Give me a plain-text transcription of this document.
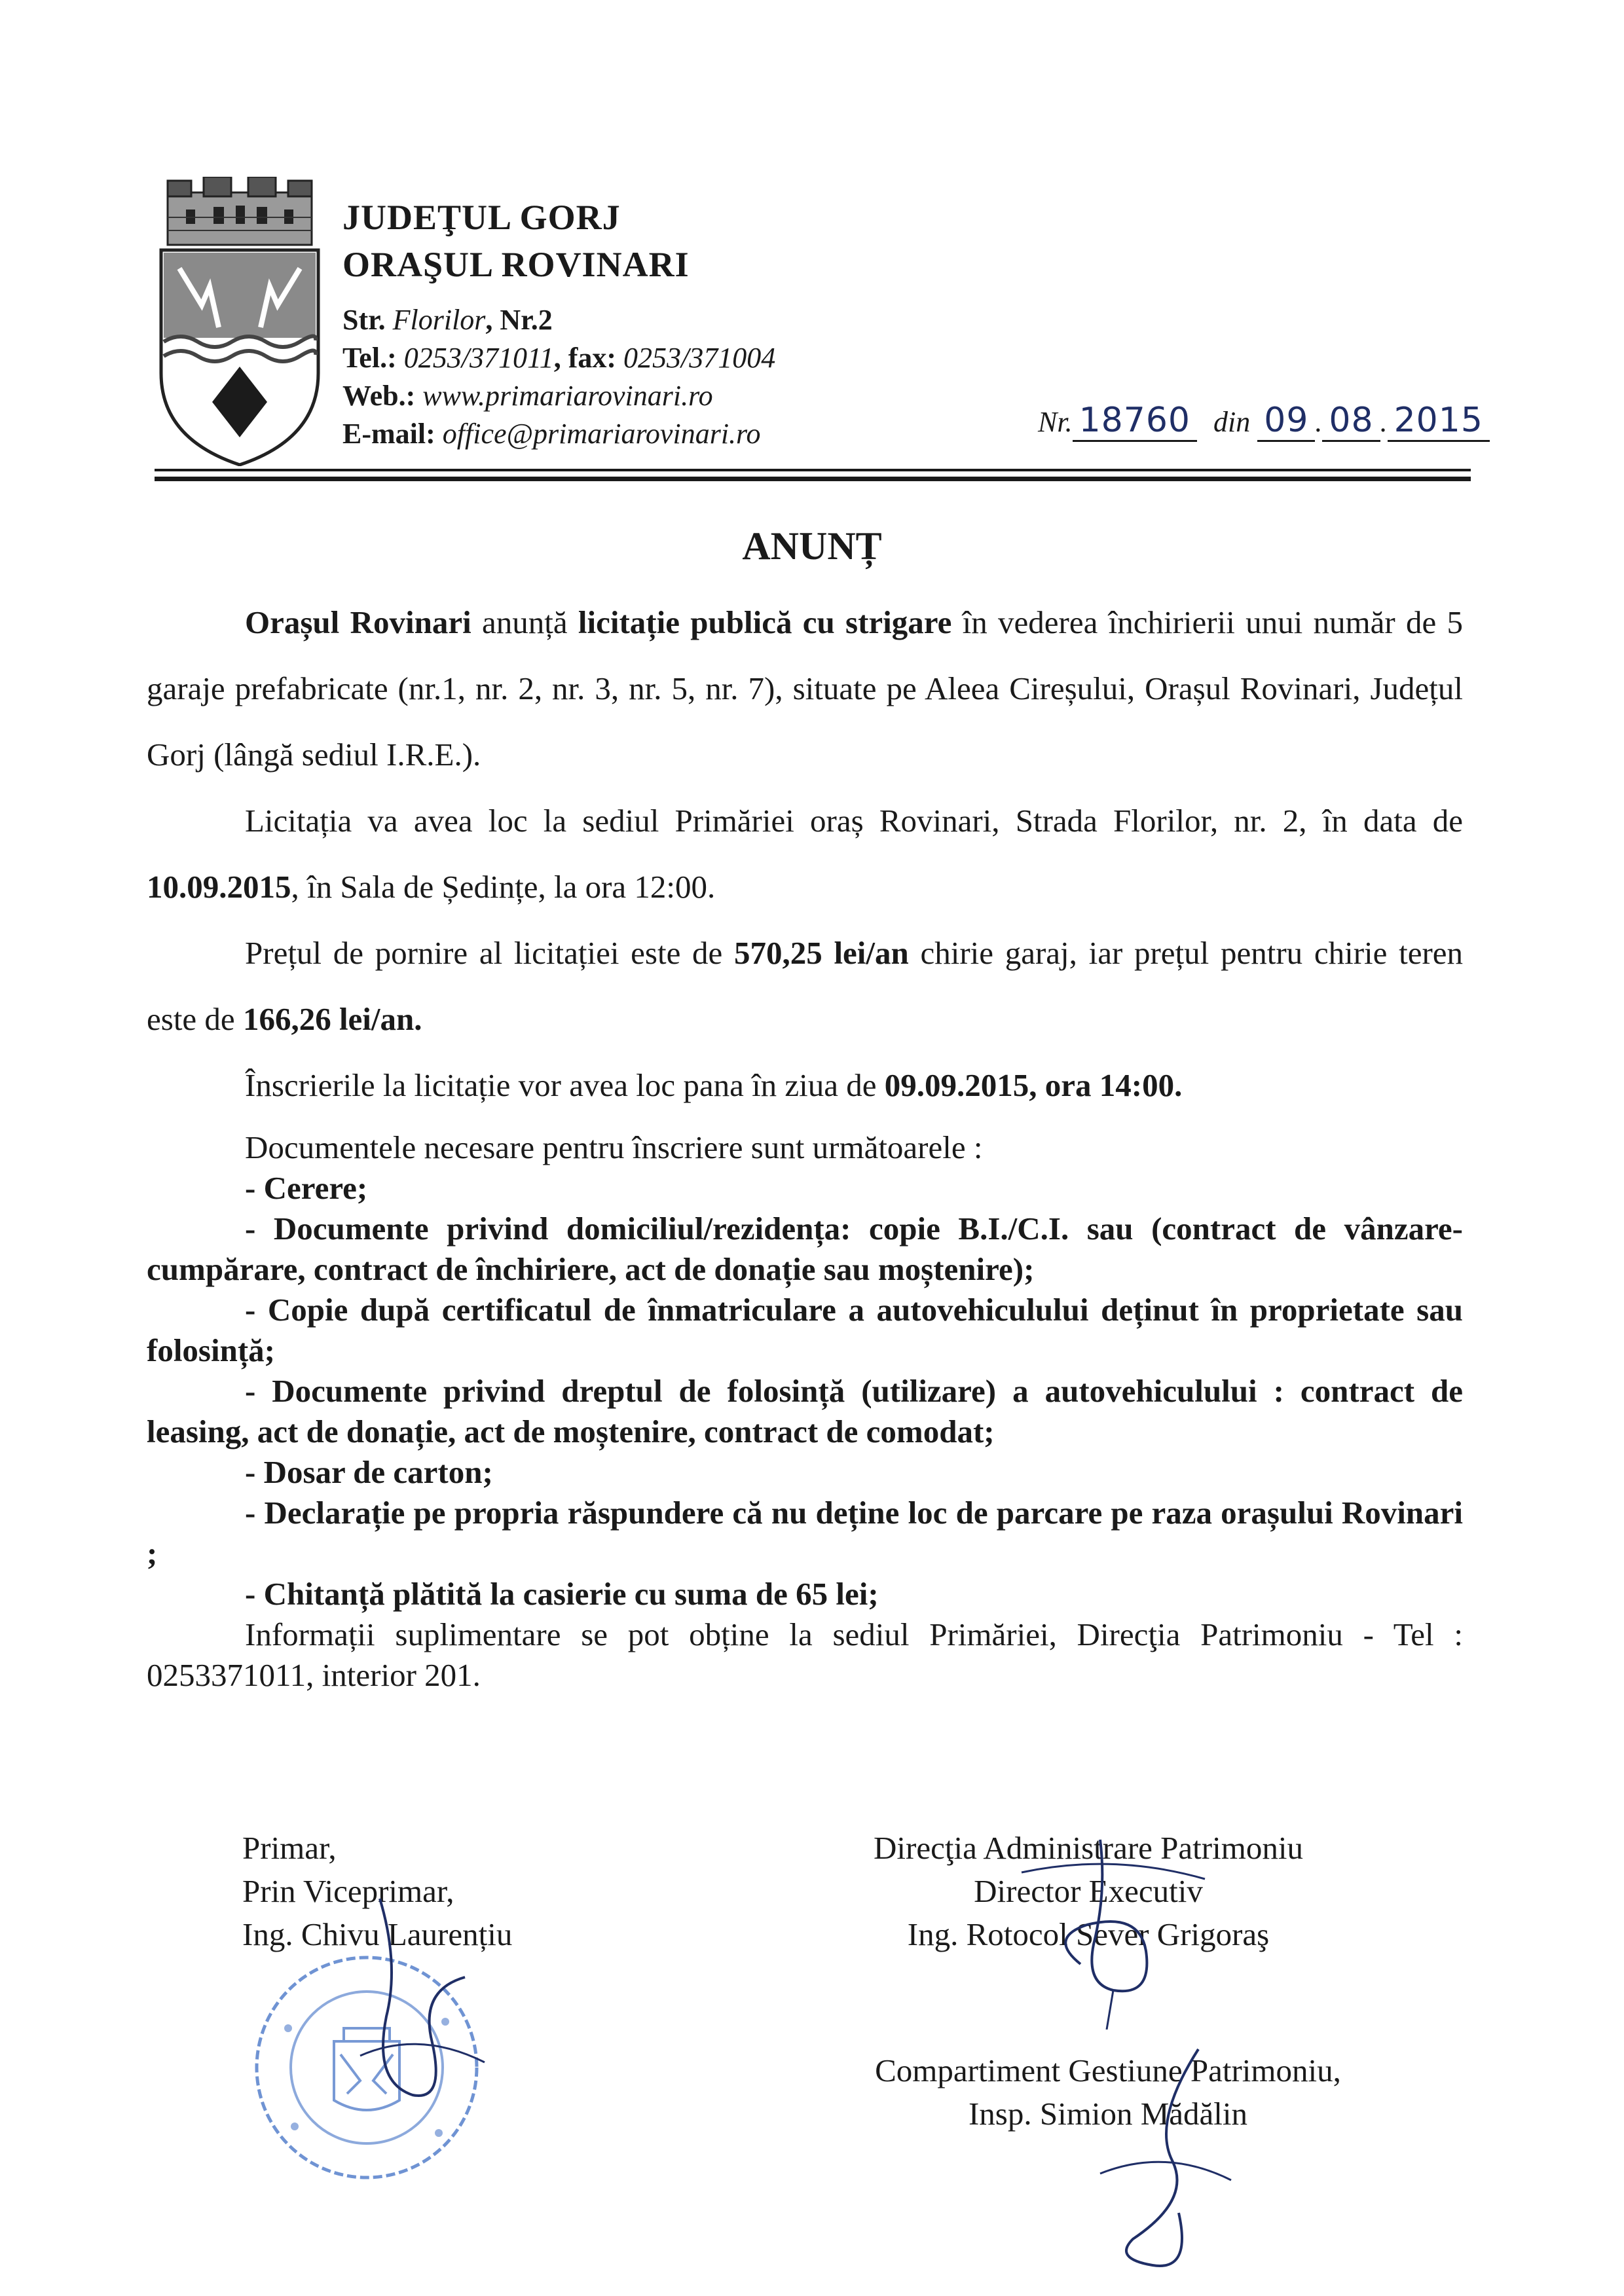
JUDEŢUL GORJ
ORAŞUL ROVINARI
Str. Florilor, Nr.2
Tel.: 0253/371011, fax: 0253/371004
Web.: www.primariarovinari.ro
E-mail: office@primariarovinari.ro	Nr. 18760 din 09 . 08 . 2015
ANUNȚ

Orașul Rovinari anunță licitație publică cu strigare în vederea închirierii unui număr de 5 garaje prefabricate (nr.1, nr. 2, nr. 3, nr. 5, nr. 7), situate pe Aleea Cireșului, Orașul Rovinari, Județul Gorj (lângă sediul I.R.E.).

Licitația va avea loc la sediul Primăriei oraș Rovinari, Strada Florilor, nr. 2, în data de 10.09.2015, în Sala de Ședințe, la ora 12:00.

Prețul de pornire al licitației este de 570,25 lei/an chirie garaj, iar prețul pentru chirie teren este de 166,26 lei/an.

Înscrierile la licitație vor avea loc pana în ziua de 09.09.2015, ora 14:00.

Documentele necesare pentru înscriere sunt următoarele :

- Cerere;

- Documente privind domiciliul/rezidența: copie B.I./C.I. sau (contract de vânzare-cumpărare, contract de închiriere, act de donație sau moștenire);

- Copie după certificatul de înmatriculare a autovehiculului deținut în proprietate sau folosință;

- Documente privind dreptul de folosință (utilizare) a autovehiculului : contract de leasing, act de donație, act de moștenire, contract de comodat;

- Dosar de carton;

- Declarație pe propria răspundere că nu deține loc de parcare pe raza orașului Rovinari ;

- Chitanță plătită la casierie cu suma de 65 lei;

Informații suplimentare se pot obține la sediul Primăriei, Direcţia Patrimoniu - Tel : 0253371011, interior 201.

Primar,
Prin Viceprimar,
Ing. Chivu Laurențiu
Direcţia Administrare Patrimoniu
Director Executiv
Ing. Rotocol Sever Grigoraş
Compartiment Gestiune Patrimoniu,
Insp. Simion Mădălin
